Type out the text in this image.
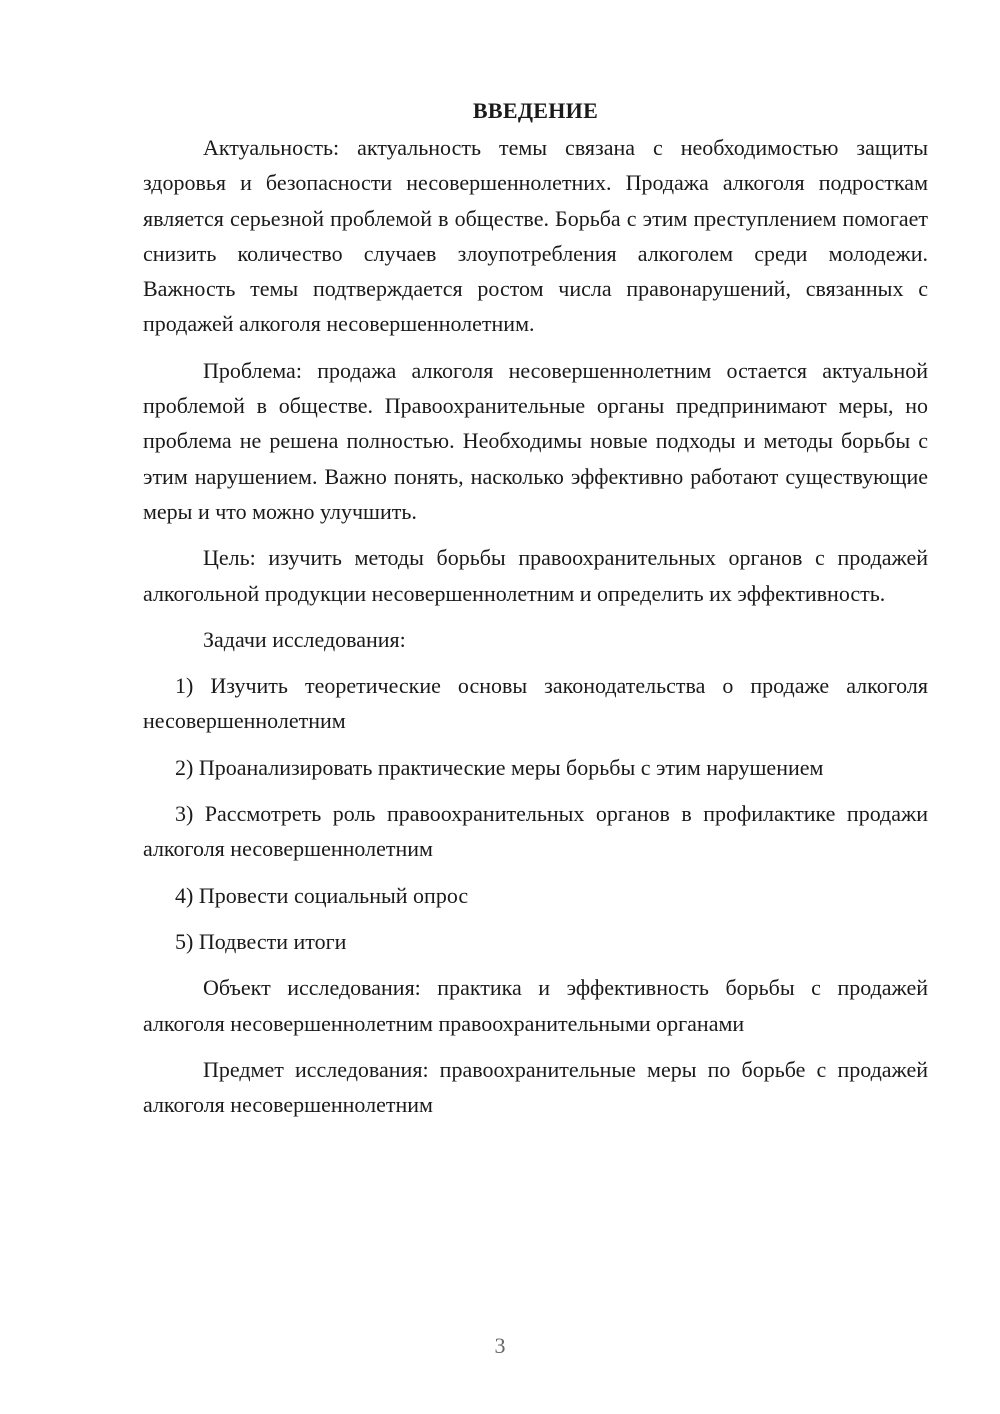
ВВЕДЕНИЕ

Актуальность: актуальность темы связана с необходимостью защиты здоровья и безопасности несовершеннолетних. Продажа алкоголя подросткам является серьезной проблемой в обществе. Борьба с этим преступлением помогает снизить количество случаев злоупотребления алкоголем среди молодежи. Важность темы подтверждается ростом числа правонарушений, связанных с продажей алкоголя несовершеннолетним.

Проблема: продажа алкоголя несовершеннолетним остается актуальной проблемой в обществе. Правоохранительные органы предпринимают меры, но проблема не решена полностью. Необходимы новые подходы и методы борьбы с этим нарушением. Важно понять, насколько эффективно работают существующие меры и что можно улучшить.

Цель: изучить методы борьбы правоохранительных органов с продажей алкогольной продукции несовершеннолетним и определить их эффективность.

Задачи исследования:

1) Изучить теоретические основы законодательства о продаже алкоголя несовершеннолетним

2) Проанализировать практические меры борьбы с этим нарушением

3) Рассмотреть роль правоохранительных органов в профилактике продажи алкоголя несовершеннолетним

4) Провести социальный опрос

5) Подвести итоги

Объект исследования: практика и эффективность борьбы с продажей алкоголя несовершеннолетним правоохранительными органами

Предмет исследования: правоохранительные меры по борьбе с продажей алкоголя несовершеннолетним

3
